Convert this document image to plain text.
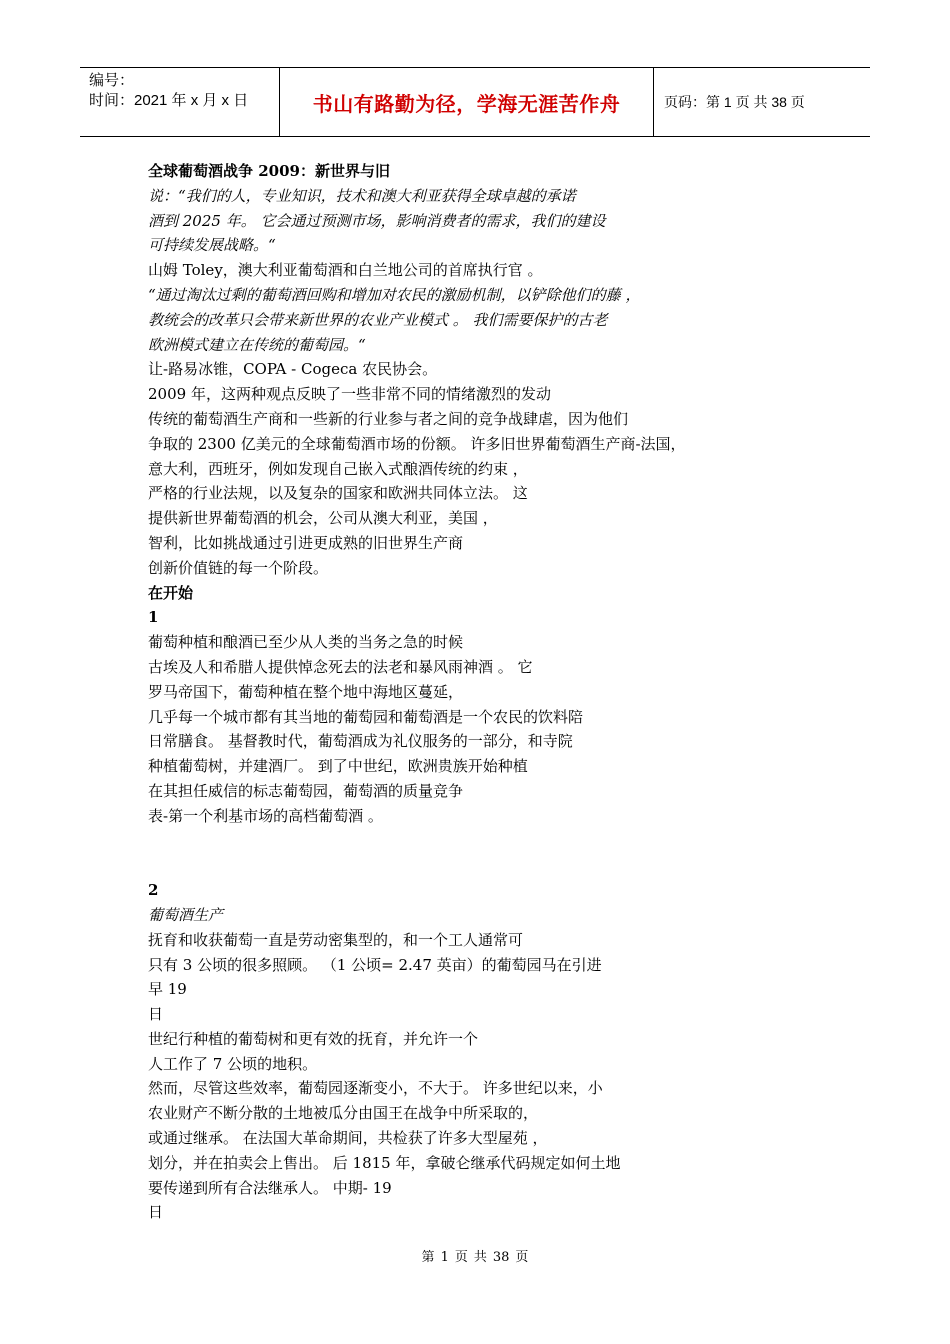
编号：
时间：2021 年 x 月 x 日	书山有路勤为径，学海无涯苦作舟	页码：第 1 页 共 38 页
全球葡萄酒战争 2009：新世界与旧
说：“我们的人，专业知识，技术和澳大利亚获得全球卓越的承诺
酒到 2025 年。 它会通过预测市场，影响消费者的需求，我们的建设
可持续发展战略。“
山姆 Toley，澳大利亚葡萄酒和白兰地公司的首席执行官 。
“通过淘汰过剩的葡萄酒回购和增加对农民的激励机制，以铲除他们的藤 ，
教统会的改革只会带来新世界的农业产业模式 。 我们需要保护的古老
欧洲模式建立在传统的葡萄园。“
让-路易冰锥，COPA - Cogeca 农民协会。
2009 年，这两种观点反映了一些非常不同的情绪激烈的发动
传统的葡萄酒生产商和一些新的行业参与者之间的竞争战肆虐，因为他们
争取的 2300 亿美元的全球葡萄酒市场的份额。 许多旧世界葡萄酒生产商-法国，
意大利，西班牙，例如发现自己嵌入式酿酒传统的约束 ，
严格的行业法规，以及复杂的国家和欧洲共同体立法。 这
提供新世界葡萄酒的机会，公司从澳大利亚，美国 ，
智利，比如挑战通过引进更成熟的旧世界生产商
创新价值链的每一个阶段。
在开始
1
葡萄种植和酿酒已至少从人类的当务之急的时候
古埃及人和希腊人提供悼念死去的法老和暴风雨神酒 。 它
罗马帝国下，葡萄种植在整个地中海地区蔓延，
几乎每一个城市都有其当地的葡萄园和葡萄酒是一个农民的饮料陪
日常膳食。 基督教时代，葡萄酒成为礼仪服务的一部分，和寺院
种植葡萄树，并建酒厂。 到了中世纪，欧洲贵族开始种植
在其担任威信的标志葡萄园，葡萄酒的质量竞争
表-第一个利基市场的高档葡萄酒 。
2
葡萄酒生产
抚育和收获葡萄一直是劳动密集型的，和一个工人通常可
只有 3 公顷的很多照顾。 （1 公顷= 2.47 英亩）的葡萄园马在引进
早 19
日
世纪行种植的葡萄树和更有效的抚育，并允许一个
人工作了 7 公顷的地积。
然而，尽管这些效率，葡萄园逐渐变小，不大于。 许多世纪以来，小
农业财产不断分散的土地被瓜分由国王在战争中所采取的，
或通过继承。 在法国大革命期间，共检获了许多大型屋苑 ，
划分，并在拍卖会上售出。 后 1815 年，拿破仑继承代码规定如何土地
要传递到所有合法继承人。 中期- 19
日
第 1 页 共 38 页
